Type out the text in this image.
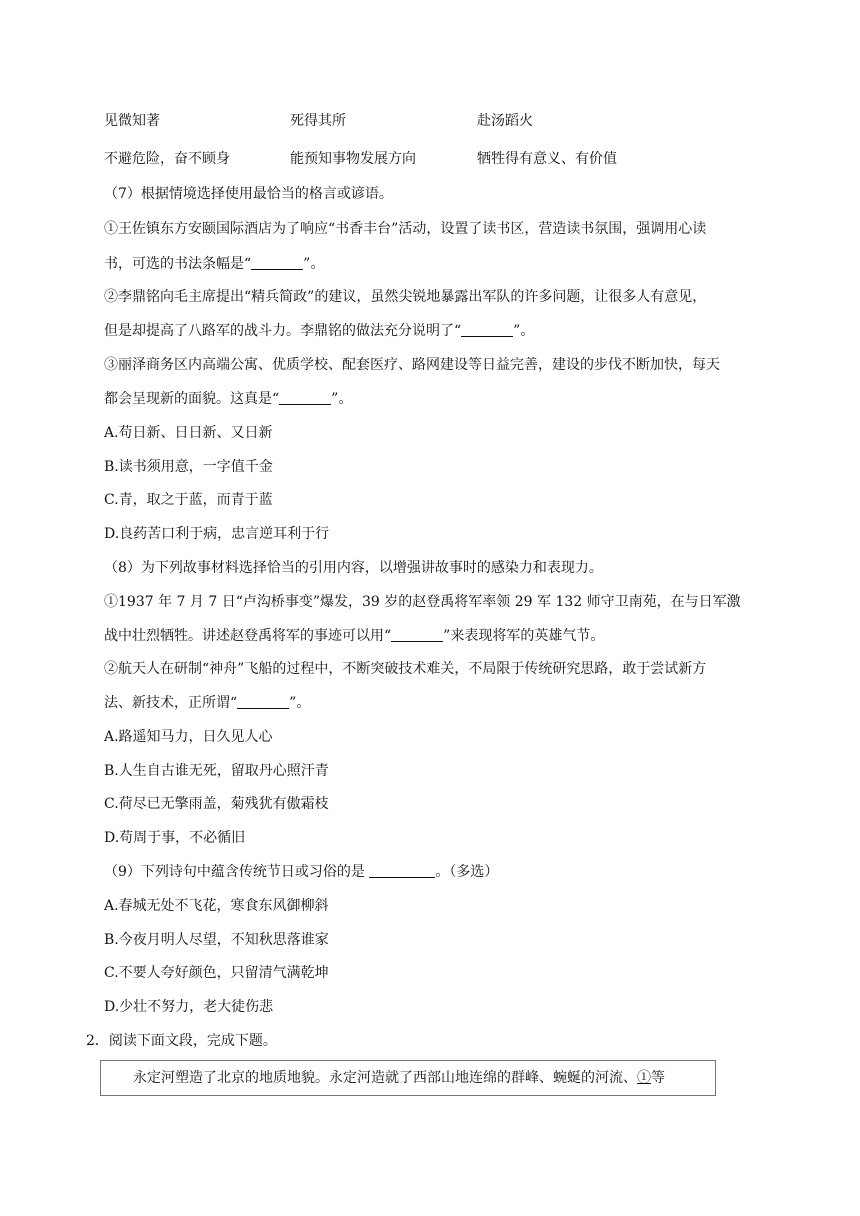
见微知著	死得其所	赴汤蹈火
不避危险，奋不顾身	能预知事物发展方向	牺牲得有意义、有价值
（7）根据情境选择使用最恰当的格言或谚语。
①王佐镇东方安颐国际酒店为了响应“书香丰台”活动，设置了读书区，营造读书氛围，强调用心读
书，可选的书法条幅是“	”。
②李鼎铭向毛主席提出“精兵简政”的建议，虽然尖锐地暴露出军队的许多问题，让很多人有意见，
但是却提高了八路军的战斗力。李鼎铭的做法充分说明了“	”。
③丽泽商务区内高端公寓、优质学校、配套医疗、路网建设等日益完善，建设的步伐不断加快，每天
都会呈现新的面貌。这真是“	”。
A.苟日新、日日新、又日新
B.读书须用意，一字值千金
C.青，取之于蓝，而青于蓝
D.良药苦口利于病，忠言逆耳利于行
（8）为下列故事材料选择恰当的引用内容，以增强讲故事时的感染力和表现力。
①1937 年 7 月 7 日“卢沟桥事变”爆发，39 岁的赵登禹将军率领 29 军 132 师守卫南苑，在与日军激
战中壮烈牺牲。讲述赵登禹将军的事迹可以用“	”来表现将军的英雄气节。
②航天人在研制“神舟”飞船的过程中，不断突破技术难关，不局限于传统研究思路，敢于尝试新方
法、新技术，正所谓“	”。
A.路遥知马力，日久见人心
B.人生自古谁无死，留取丹心照汗青
C.荷尽已无擎雨盖，菊残犹有傲霜枝
D.苟周于事，不必循旧
（9）下列诗句中蕴含传统节日或习俗的是	。（多选）
A.春城无处不飞花，寒食东风御柳斜
B.今夜月明人尽望，不知秋思落谁家
C.不要人夸好颜色，只留清气满乾坤
D.少壮不努力，老大徒伤悲
2．阅读下面文段，完成下题。
永定河塑造了北京的地质地貌。永定河造就了西部山地连绵的群峰、蜿蜒的河流、①等
